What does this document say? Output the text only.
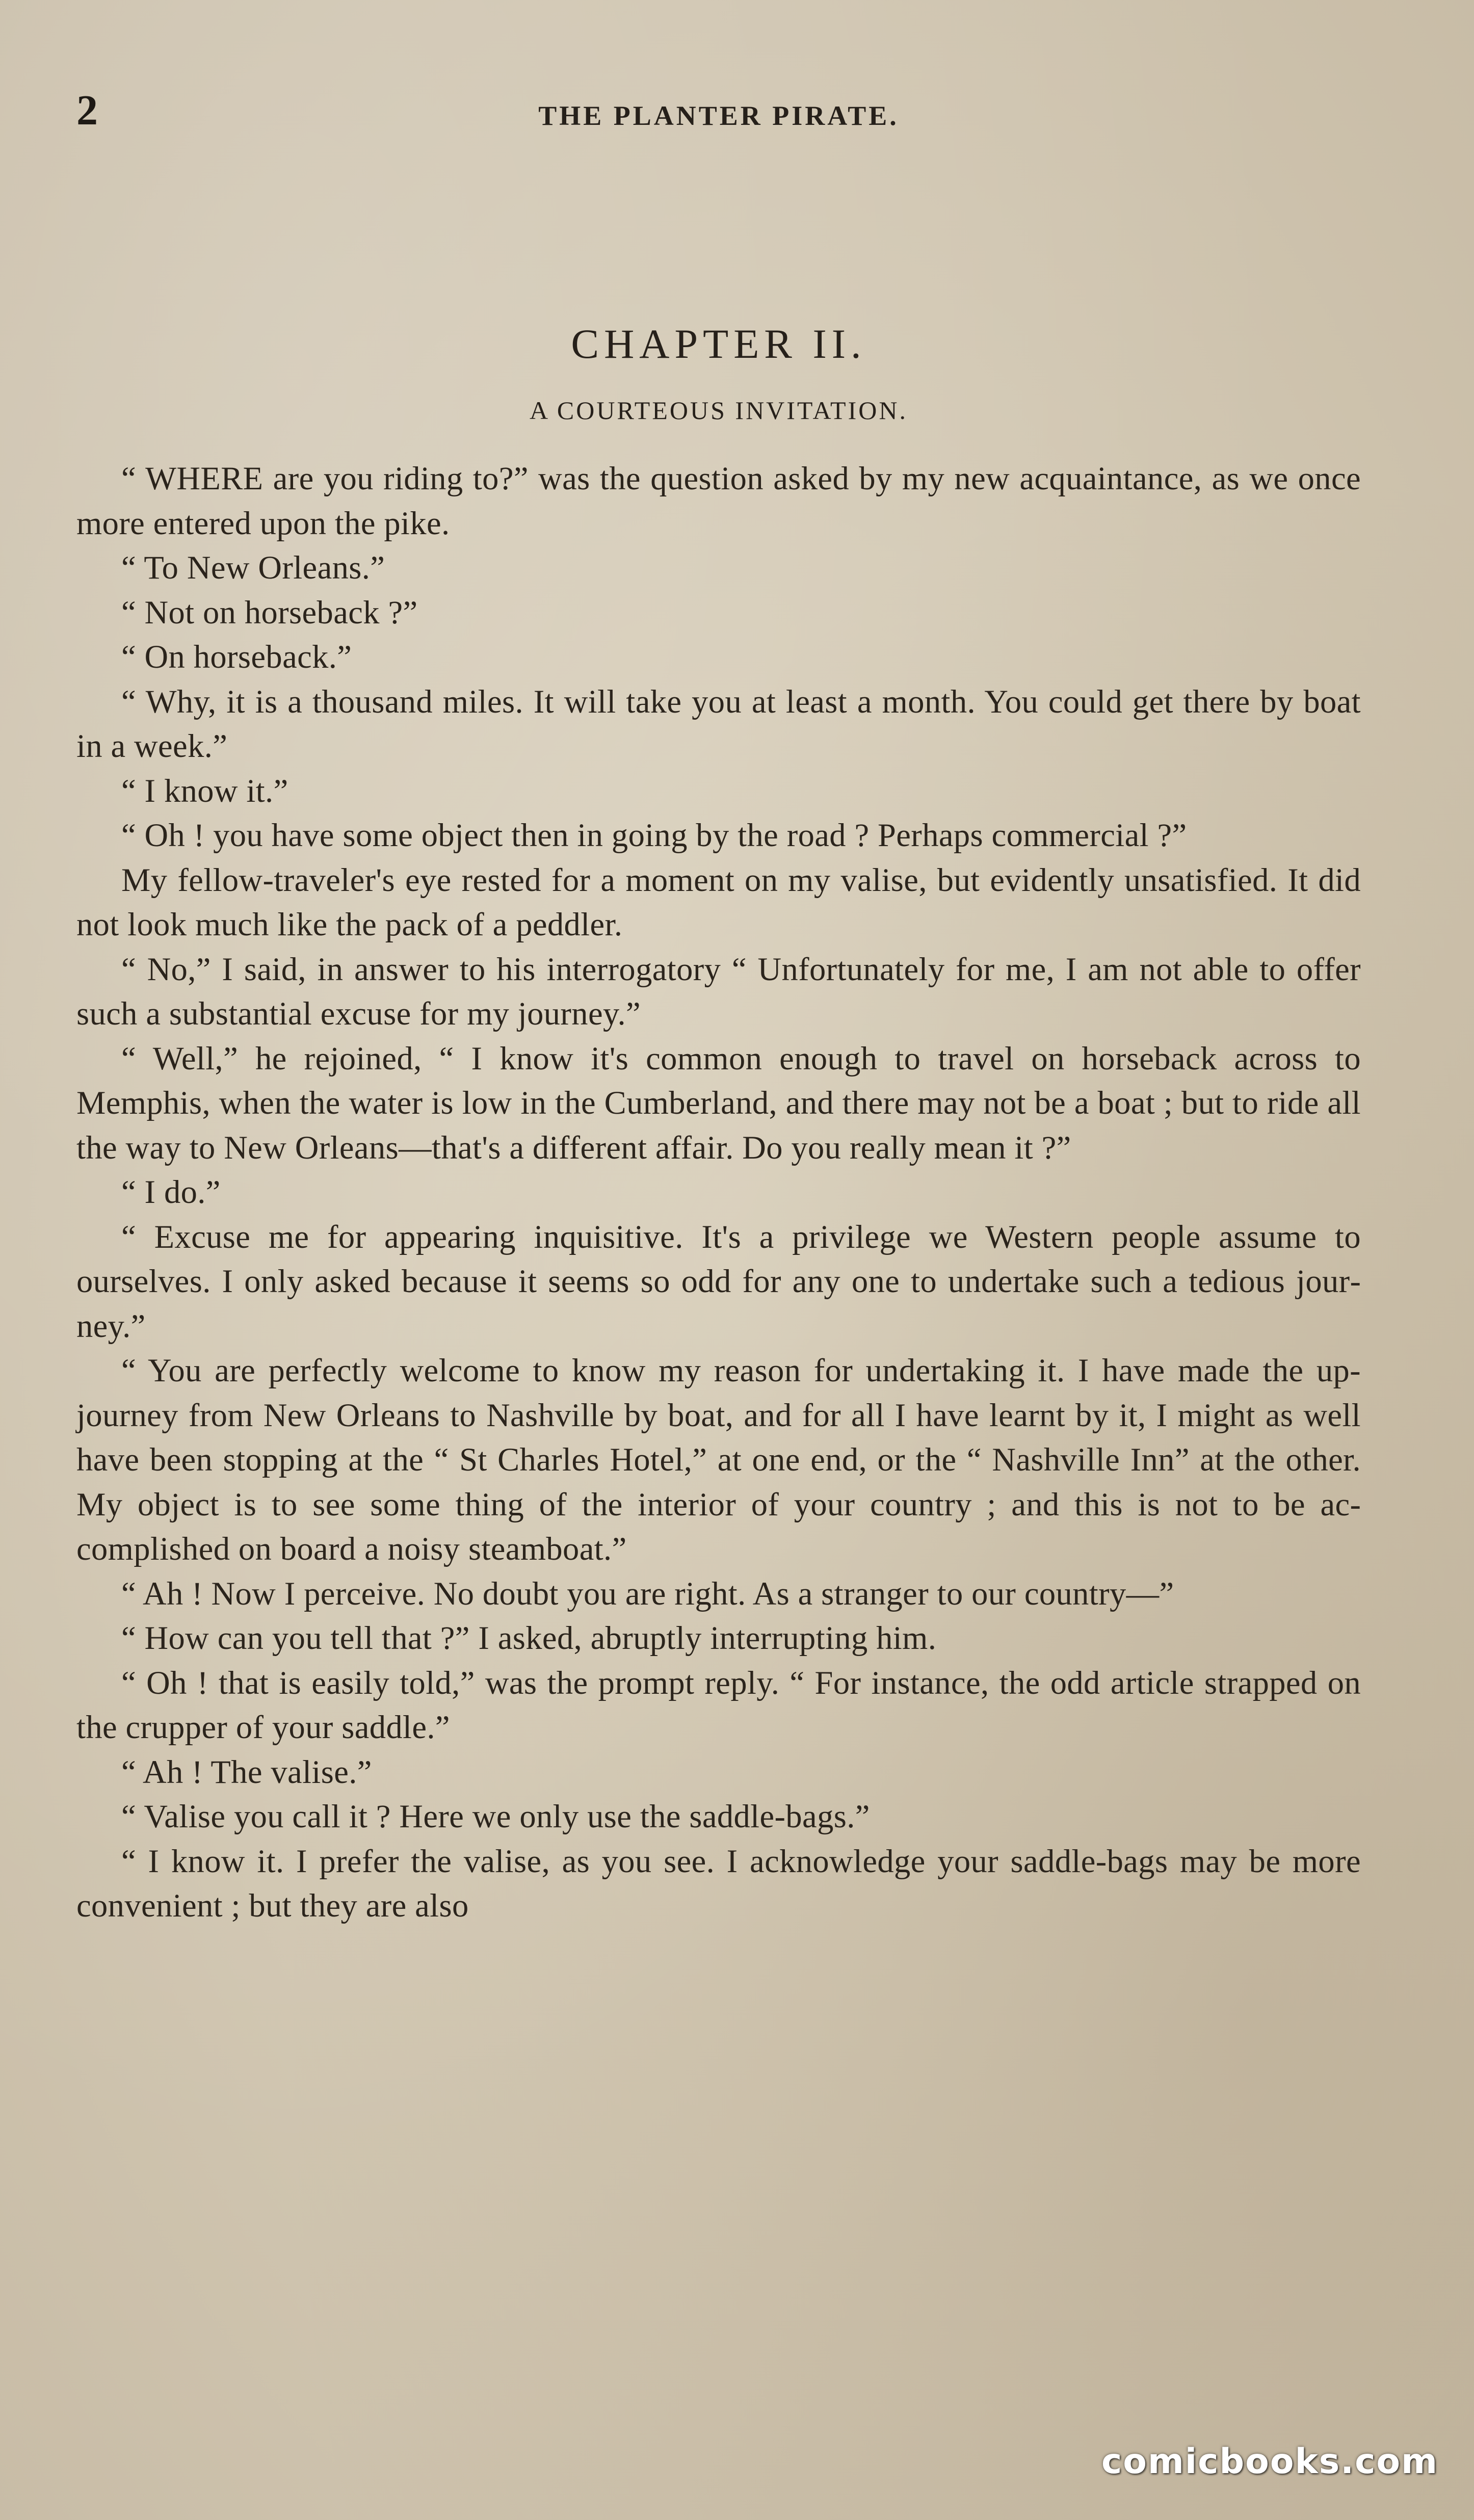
2	THE PLANTER PIRATE.
CHAPTER II.
A COURTEOUS INVITATION.

“ WHERE are you riding to?” was the question asked by my new acquaintance, as we once more entered upon the pike.

“ To New Orleans.”

“ Not on horseback ?”

“ On horseback.”

“ Why, it is a thousand miles. It will take you at least a month. You could get there by boat in a week.”

“ I know it.”

“ Oh ! you have some object then in going by the road ? Perhaps commercial ?”

My fellow-traveler's eye rested for a moment on my valise, but evidently unsatisfied. It did not look much like the pack of a peddler.

“ No,” I said, in answer to his interrogatory “ Unfortunately for me, I am not able to offer such a substantial excuse for my journey.”

“ Well,” he rejoined, “ I know it's common enough to travel on horseback across to Memphis, when the water is low in the Cumberland, and there may not be a boat ; but to ride all the way to New Orleans—that's a different affair. Do you really mean it ?”

“ I do.”

“ Excuse me for appearing inquisitive. It's a privilege we Western people assume to ourselves. I only asked because it seems so odd for any one to undertake such a tedious journey.”

“ You are perfectly welcome to know my reason for undertaking it. I have made the up-journey from New Orleans to Nashville by boat, and for all I have learnt by it, I might as well have been stopping at the “ St Charles Hotel,” at one end, or the “ Nashville Inn” at the other. My object is to see some thing of the interior of your country ; and this is not to be accomplished on board a noisy steamboat.”

“ Ah ! Now I perceive. No doubt you are right. As a stranger to our country—”

“ How can you tell that ?” I asked, abruptly interrupting him.

“ Oh ! that is easily told,” was the prompt reply. “ For instance, the odd article strapped on the crupper of your saddle.”

“ Ah ! The valise.”

“ Valise you call it ? Here we only use the saddle-bags.”

“ I know it. I prefer the valise, as you see. I acknowledge your saddle-bags may be more convenient ; but they are also

comicbooks.com
